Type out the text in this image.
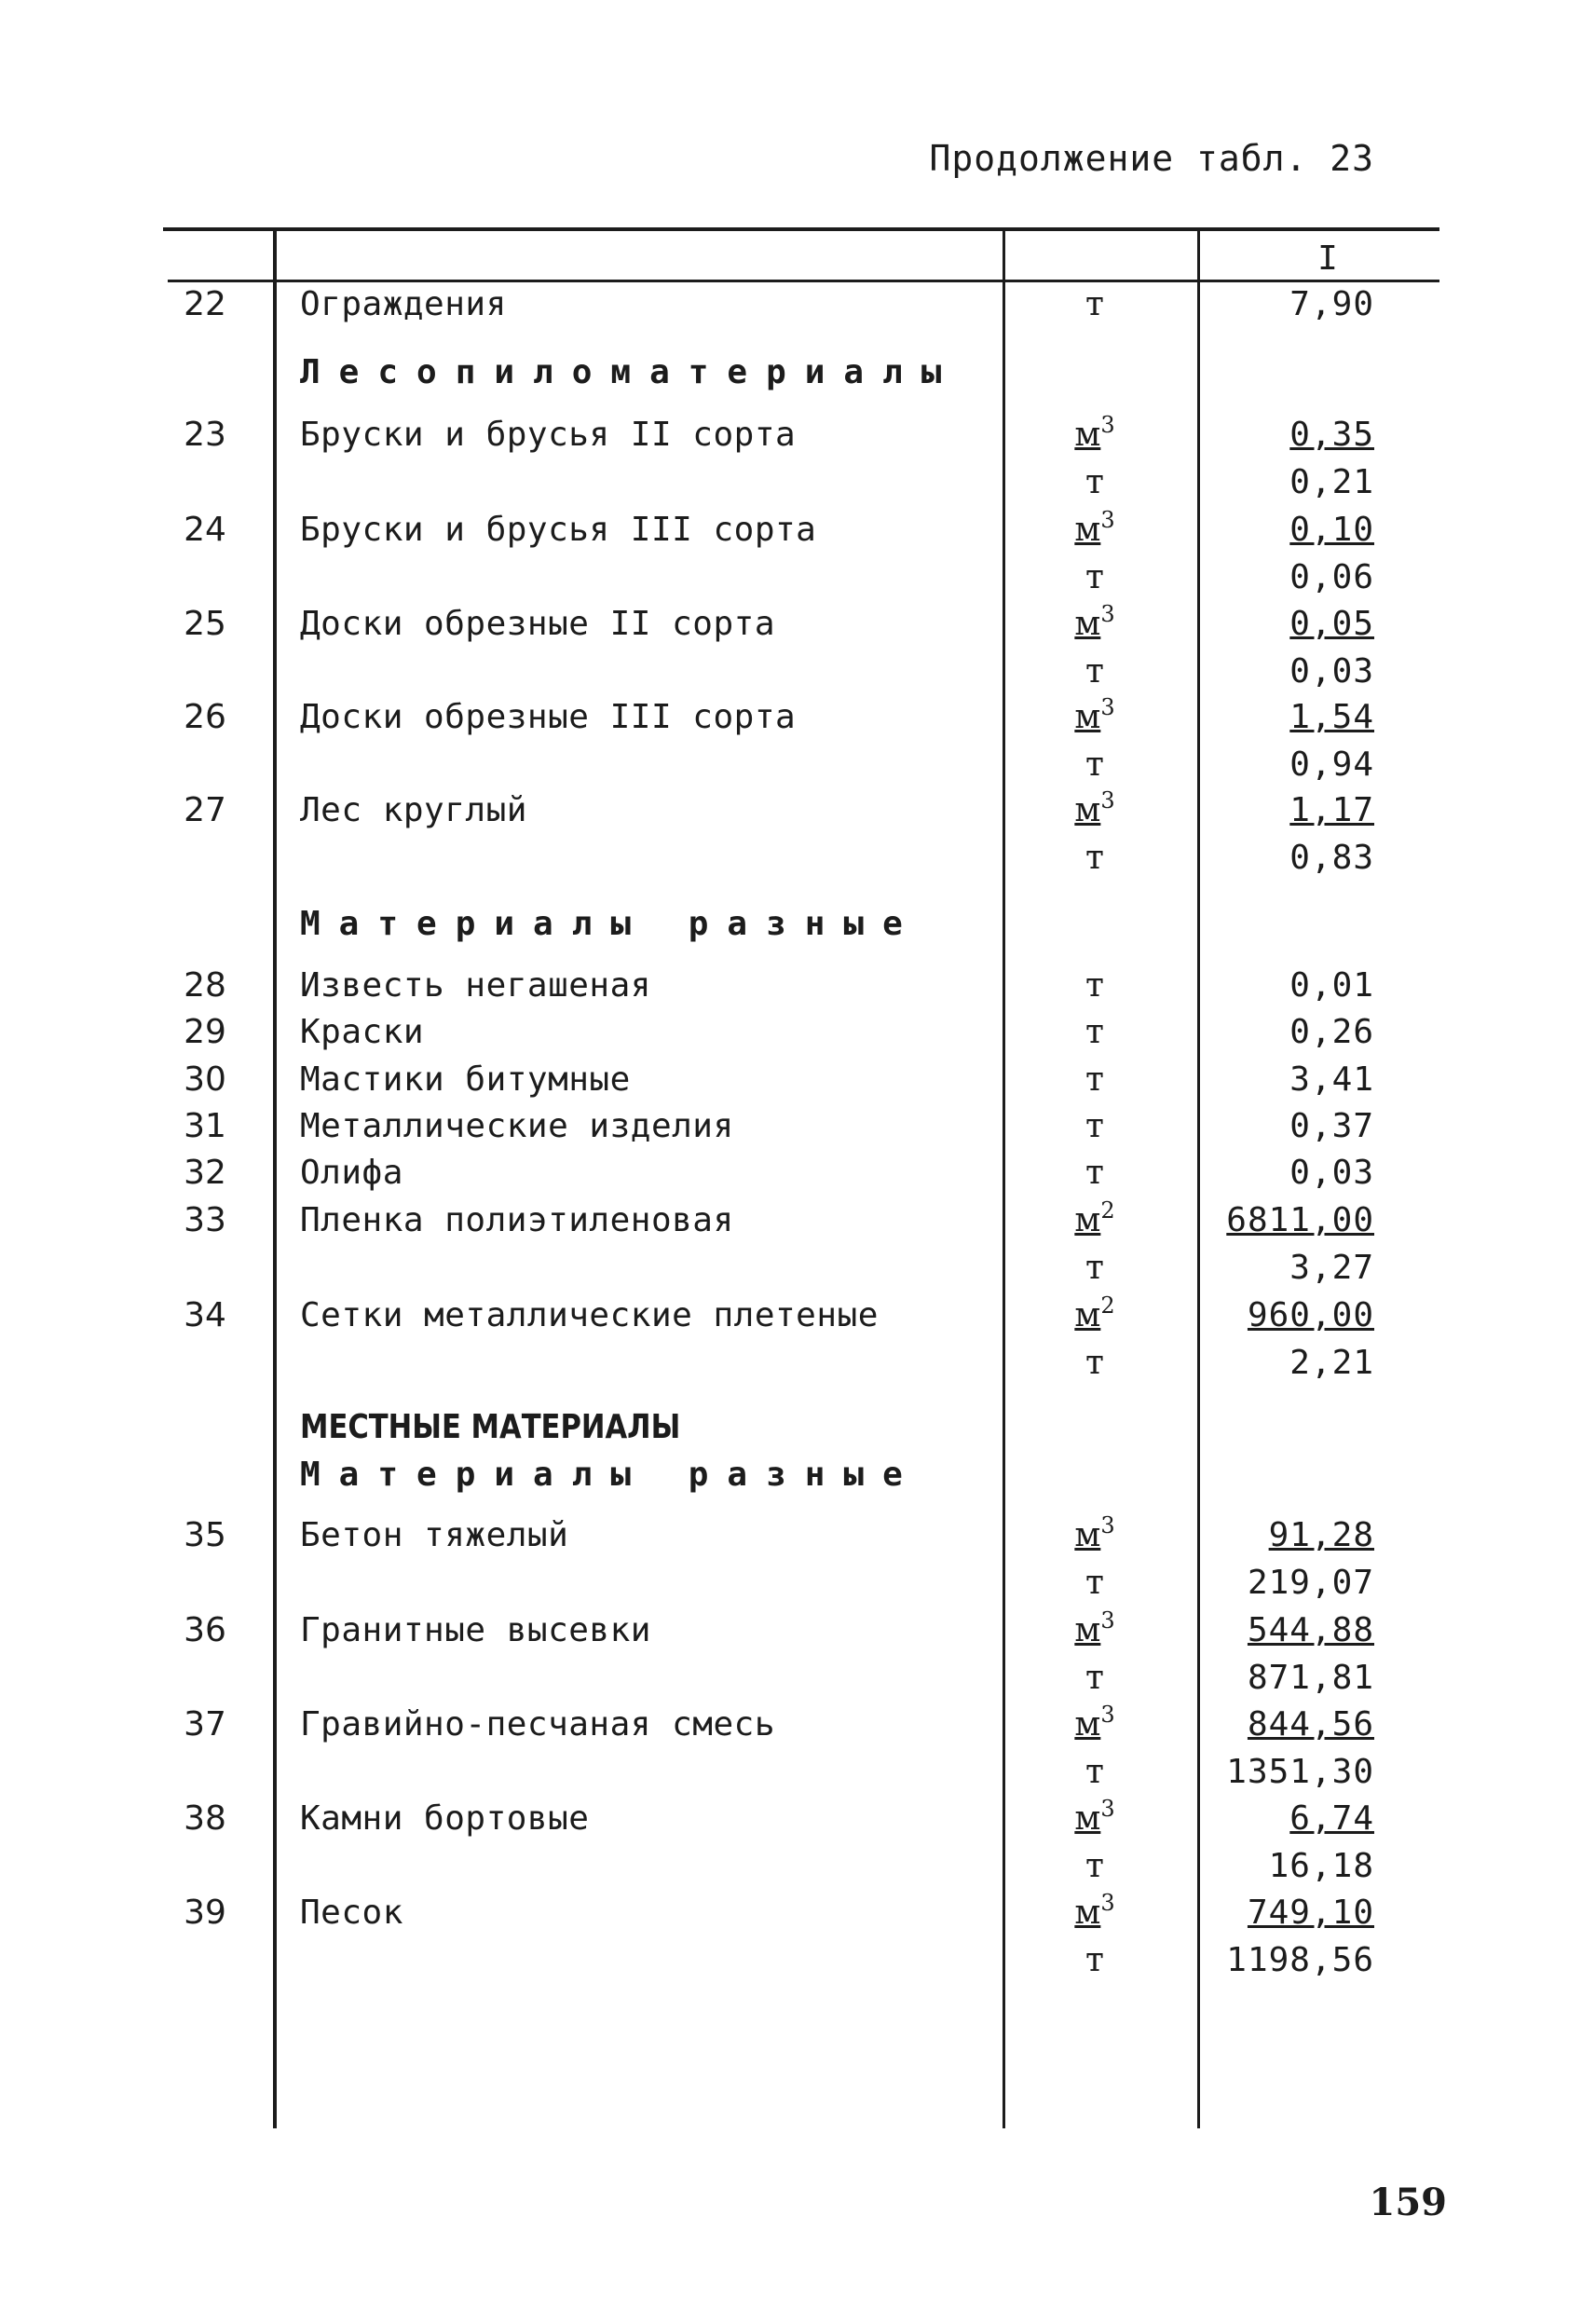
Продолжение табл. 23
I
22	Ограждения	т	7,90
Лесопиломатериалы
23	Бруски и брусья II сорта	$м^3$	0,35
т	0,21
24	Бруски и брусья III сорта	$м^3$	0,10
т	0,06
25	Доски обрезные II сорта	$м^3$	0,05
т	0,03
26	Доски обрезные III сорта	$м^3$	1,54
т	0,94
27	Лес круглый	$м^3$	1,17
т	0,83
Материалы разные
28	Известь негашеная	т	0,01
29	Краски	т	0,26
30	Мастики битумные	т	3,41
31	Металлические изделия	т	0,37
32	Олифа	т	0,03
33	Пленка полиэтиленовая	$м^2$	6811,00
т	3,27
34	Сетки металлические плетеные	$м^2$	960,00
т	2,21
МЕСТНЫЕ МАТЕРИАЛЫ
Материалы разные
35	Бетон тяжелый	$м^3$	91,28
т	219,07
36	Гранитные высевки	$м^3$	544,88
т	871,81
37	Гравийно-песчаная смесь	$м^3$	844,56
т	1351,30
38	Камни бортовые	$м^3$	6,74
т	16,18
39	Песок	$м^3$	749,10
т	1198,56
159
